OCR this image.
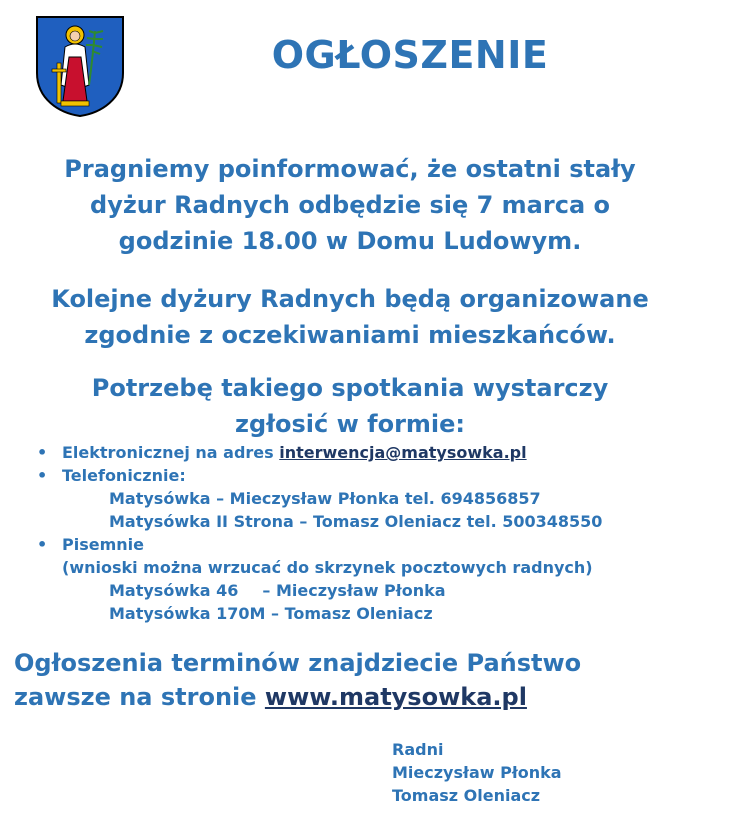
OGŁOSZENIE
Pragniemy poinformować, że ostatni stały
dyżur Radnych odbędzie się 7 marca o
godzinie 18.00 w Domu Ludowym.
Kolejne dyżury Radnych będą organizowane
zgodnie z oczekiwaniami mieszkańców.
Potrzebę takiego spotkania wystarczy
zgłosić w formie:
• Elektronicznej na adres interwencja@matysowka.pl
• Telefonicznie:
Matysówka – Mieczysław Płonka tel. 694856857
Matysówka II Strona – Tomasz Oleniacz tel. 500348550
• Pisemnie
(wnioski można wrzucać do skrzynek pocztowych radnych)
Matysówka 46 – Mieczysław Płonka
Matysówka 170M – Tomasz Oleniacz
Ogłoszenia terminów znajdziecie Państwo
zawsze na stronie www.matysowka.pl
Radni
Mieczysław Płonka
Tomasz Oleniacz
